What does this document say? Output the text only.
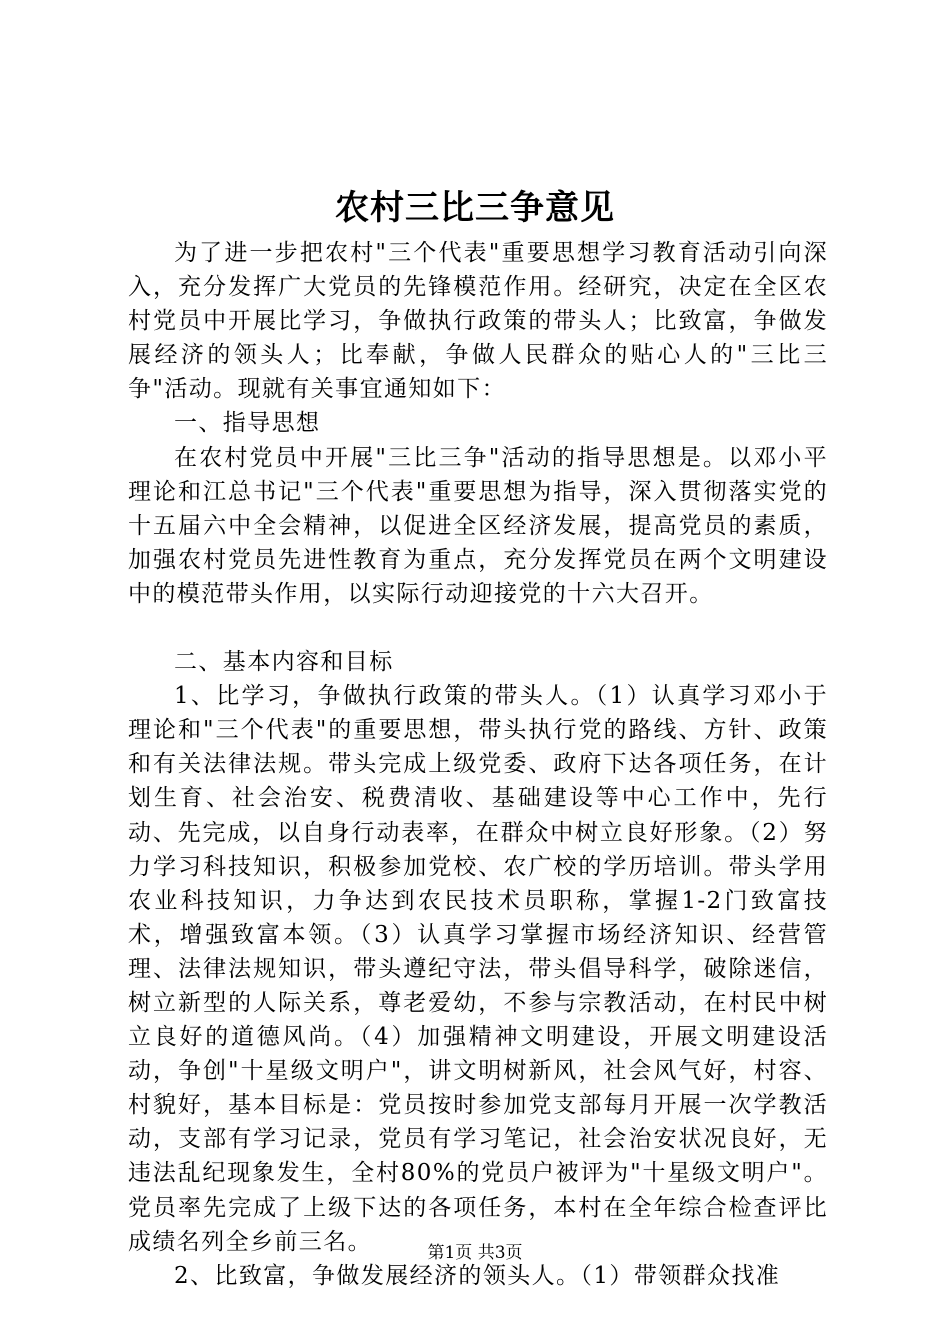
农村三比三争意见

为了进一步把农村"三个代表"重要思想学习教育活动引向深入，充分发挥广大党员的先锋模范作用。经研究，决定在全区农村党员中开展比学习，争做执行政策的带头人；比致富，争做发展经济的领头人；比奉献，争做人民群众的贴心人的"三比三争"活动。现就有关事宜通知如下：

一、指导思想

在农村党员中开展"三比三争"活动的指导思想是。以邓小平理论和江总书记"三个代表"重要思想为指导，深入贯彻落实党的十五届六中全会精神，以促进全区经济发展，提高党员的素质，加强农村党员先进性教育为重点，充分发挥党员在两个文明建设中的模范带头作用，以实际行动迎接党的十六大召开。

二、基本内容和目标

1、比学习，争做执行政策的带头人。（1）认真学习邓小于理论和"三个代表"的重要思想，带头执行党的路线、方针、政策和有关法律法规。带头完成上级党委、政府下达各项任务，在计划生育、社会治安、税费清收、基础建设等中心工作中，先行动、先完成，以自身行动表率，在群众中树立良好形象。（2）努力学习科技知识，积极参加党校、农广校的学历培训。带头学用农业科技知识，力争达到农民技术员职称，掌握1-2门致富技术，增强致富本领。（3）认真学习掌握市场经济知识、经营管理、法律法规知识，带头遵纪守法，带头倡导科学，破除迷信，树立新型的人际关系，尊老爱幼，不参与宗教活动，在村民中树立良好的道德风尚。（4）加强精神文明建设，开展文明建设活动，争创"十星级文明户"，讲文明树新风，社会风气好，村容、村貌好，基本目标是：党员按时参加党支部每月开展一次学教活动，支部有学习记录，党员有学习笔记，社会治安状况良好，无违法乱纪现象发生，全村80%的党员户被评为"十星级文明户"。党员率先完成了上级下达的各项任务，本村在全年综合检查评比成绩名列全乡前三名。

2、比致富，争做发展经济的领头人。（1）带领群众找准

第1页 共3页
